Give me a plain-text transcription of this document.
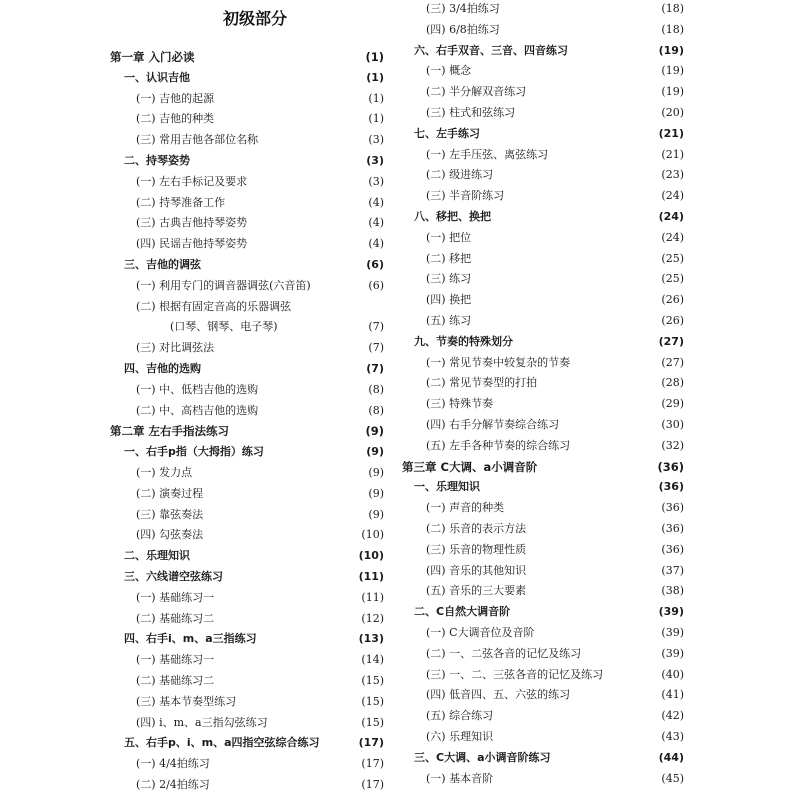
初级部分
第一章 入门必读	(1)
一、认识吉他	(1)
(一) 吉他的起源	(1)
(二) 吉他的种类	(1)
(三) 常用吉他各部位名称	(3)
二、持琴姿势	(3)
(一) 左右手标记及要求	(3)
(二) 持琴准备工作	(4)
(三) 古典吉他持琴姿势	(4)
(四) 民谣吉他持琴姿势	(4)
三、吉他的调弦	(6)
(一) 利用专门的调音器调弦(六音笛)	(6)
(二) 根据有固定音高的乐器调弦
(口琴、钢琴、电子琴)	(7)
(三) 对比调弦法	(7)
四、吉他的选购	(7)
(一) 中、低档吉他的选购	(8)
(二) 中、高档吉他的选购	(8)
第二章 左右手指法练习	(9)
一、右手p指（大拇指）练习	(9)
(一) 发力点	(9)
(二) 演奏过程	(9)
(三) 靠弦奏法	(9)
(四) 勾弦奏法	(10)
二、乐理知识	(10)
三、六线谱空弦练习	(11)
(一) 基础练习一	(11)
(二) 基础练习二	(12)
四、右手i、m、a三指练习	(13)
(一) 基础练习一	(14)
(二) 基础练习二	(15)
(三) 基本节奏型练习	(15)
(四) i、m、a三指勾弦练习	(15)
五、右手p、i、m、a四指空弦综合练习	(17)
(一) 4/4拍练习	(17)
(二) 2/4拍练习	(17)
(三) 3/4拍练习	(18)
(四) 6/8拍练习	(18)
六、右手双音、三音、四音练习	(19)
(一) 概念	(19)
(二) 半分解双音练习	(19)
(三) 柱式和弦练习	(20)
七、左手练习	(21)
(一) 左手压弦、离弦练习	(21)
(二) 级进练习	(23)
(三) 半音阶练习	(24)
八、移把、换把	(24)
(一) 把位	(24)
(二) 移把	(25)
(三) 练习	(25)
(四) 换把	(26)
(五) 练习	(26)
九、节奏的特殊划分	(27)
(一) 常见节奏中较复杂的节奏	(27)
(二) 常见节奏型的打拍	(28)
(三) 特殊节奏	(29)
(四) 右手分解节奏综合练习	(30)
(五) 左手各种节奏的综合练习	(32)
第三章 C大调、a小调音阶	(36)
一、乐理知识	(36)
(一) 声音的种类	(36)
(二) 乐音的表示方法	(36)
(三) 乐音的物理性质	(36)
(四) 音乐的其他知识	(37)
(五) 音乐的三大要素	(38)
二、C自然大调音阶	(39)
(一) C大调音位及音阶	(39)
(二) 一、二弦各音的记忆及练习	(39)
(三) 一、二、三弦各音的记忆及练习	(40)
(四) 低音四、五、六弦的练习	(41)
(五) 综合练习	(42)
(六) 乐理知识	(43)
三、C大调、a小调音阶练习	(44)
(一) 基本音阶	(45)
